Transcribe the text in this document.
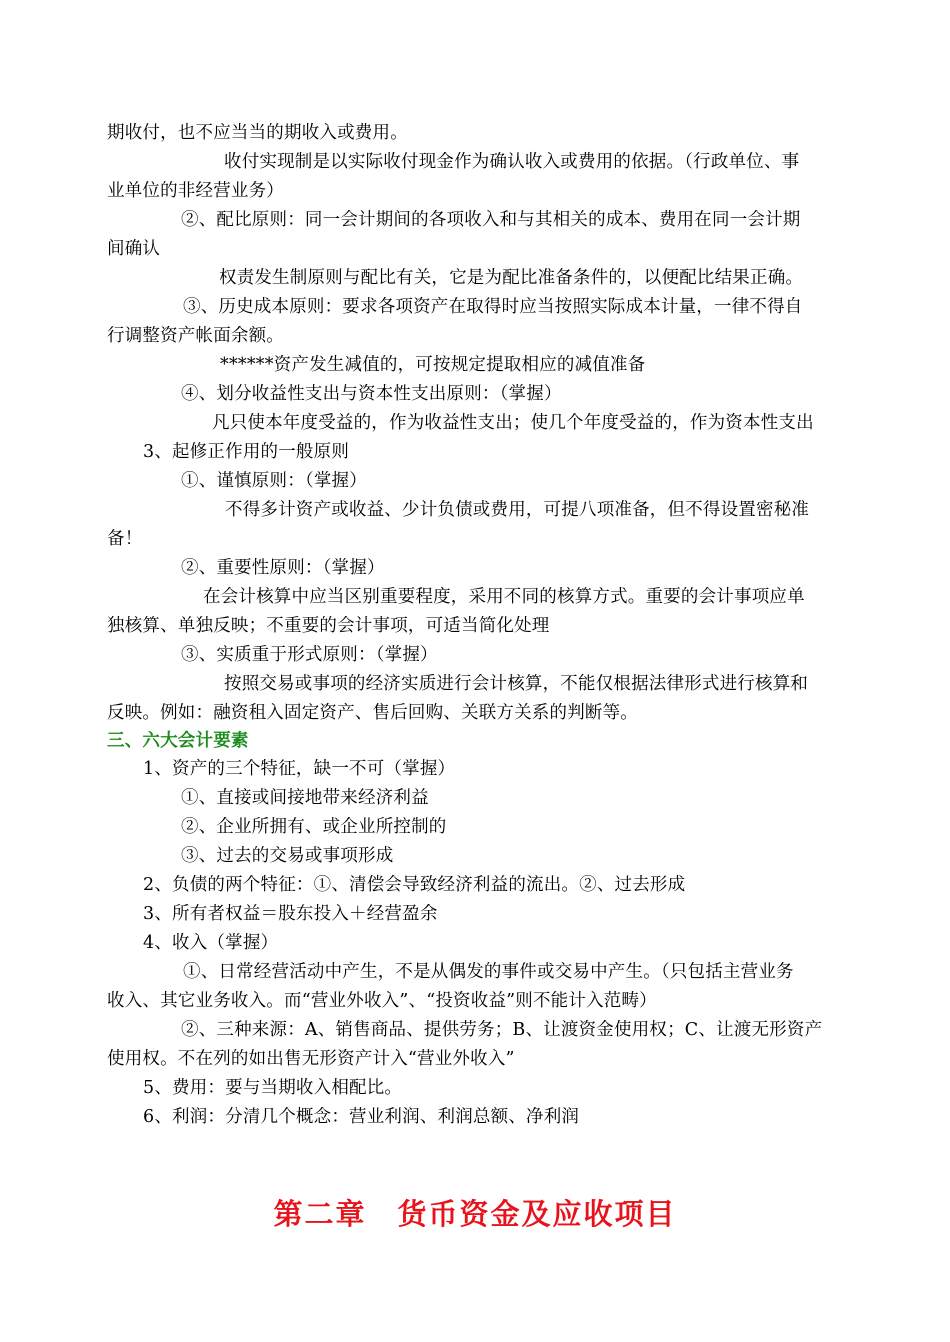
期收付，也不应当当的期收入或费用。
收付实现制是以实际收付现金作为确认收入或费用的依据。（行政单位、事
业单位的非经营业务）
②、配比原则：同一会计期间的各项收入和与其相关的成本、费用在同一会计期
间确认
权责发生制原则与配比有关，它是为配比准备条件的，以便配比结果正确。
③、历史成本原则：要求各项资产在取得时应当按照实际成本计量，一律不得自
行调整资产帐面余额。
******资产发生减值的，可按规定提取相应的减值准备
④、划分收益性支出与资本性支出原则：（掌握）
凡只使本年度受益的，作为收益性支出；使几个年度受益的，作为资本性支出
3、起修正作用的一般原则
①、谨慎原则：（掌握）
不得多计资产或收益、少计负债或费用，可提八项准备，但不得设置密秘准
备！
②、重要性原则：（掌握）
在会计核算中应当区别重要程度，采用不同的核算方式。重要的会计事项应单
独核算、单独反映；不重要的会计事项，可适当简化处理
③、实质重于形式原则：（掌握）
按照交易或事项的经济实质进行会计核算，不能仅根据法律形式进行核算和
反映。例如：融资租入固定资产、售后回购、关联方关系的判断等。
三、六大会计要素
1、资产的三个特征，缺一不可（掌握）
①、直接或间接地带来经济利益
②、企业所拥有、或企业所控制的
③、过去的交易或事项形成
2、负债的两个特征：①、清偿会导致经济利益的流出。②、过去形成
3、所有者权益＝股东投入＋经营盈余
4、收入（掌握）
①、日常经营活动中产生，不是从偶发的事件或交易中产生。（只包括主营业务
收入、其它业务收入。而“营业外收入”、“投资收益”则不能计入范畴）
②、三种来源：A、销售商品、提供劳务；B、让渡资金使用权；C、让渡无形资产
使用权。不在列的如出售无形资产计入“营业外收入”
5、费用：要与当期收入相配比。
6、利润：分清几个概念：营业利润、利润总额、净利润
第二章　货币资金及应收项目
